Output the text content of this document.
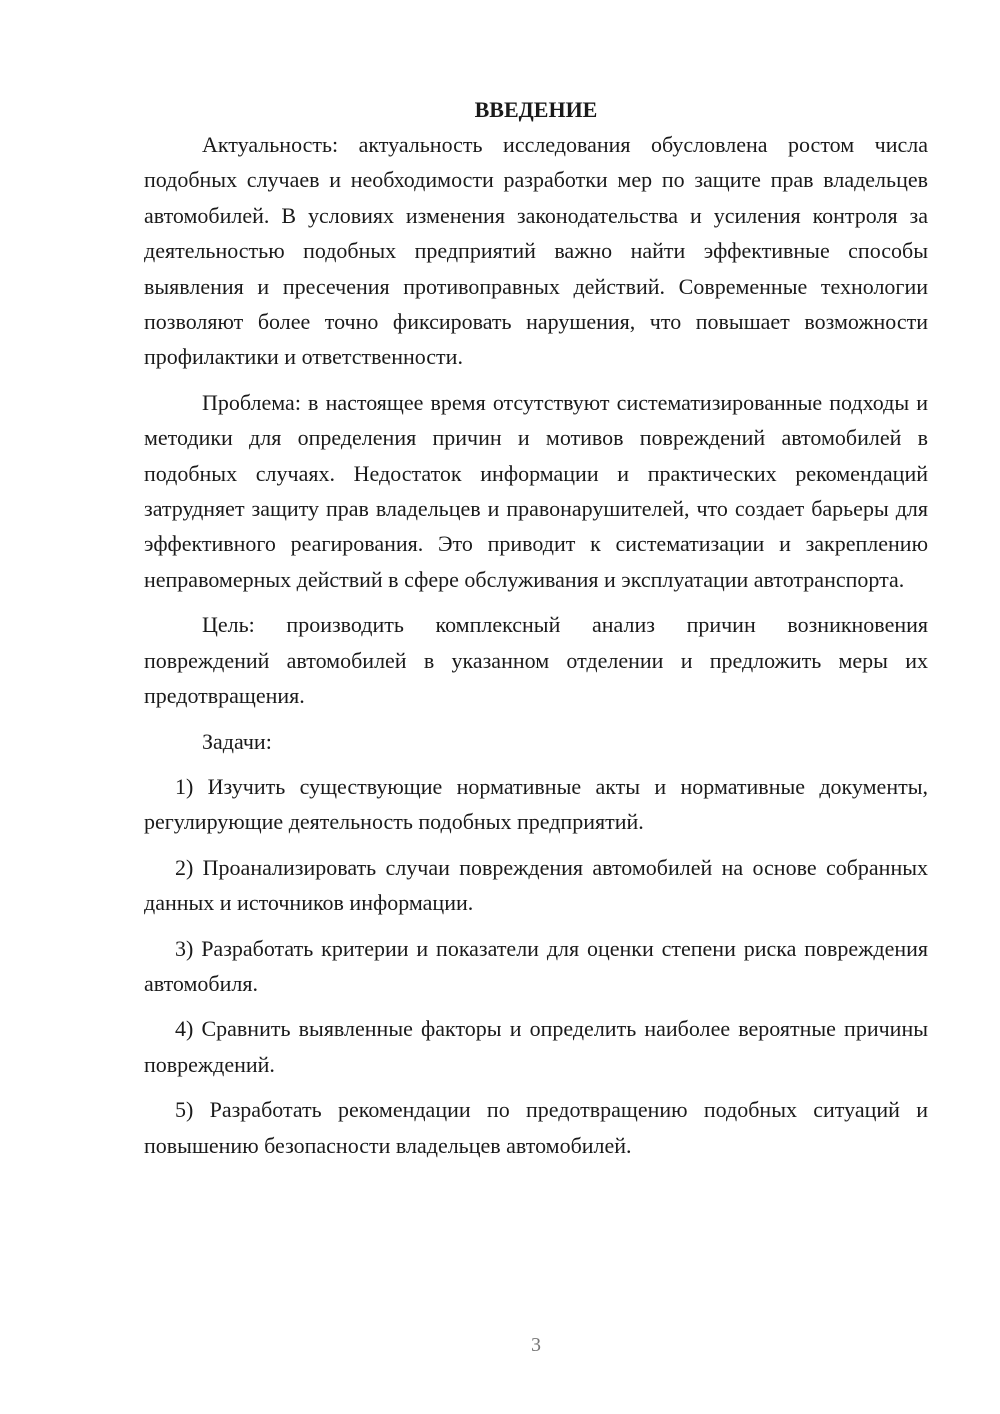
ВВЕДЕНИЕ

Актуальность: актуальность исследования обусловлена ростом числа подобных случаев и необходимости разработки мер по защите прав владельцев автомобилей. В условиях изменения законодательства и усиления контроля за деятельностью подобных предприятий важно найти эффективные способы выявления и пресечения противоправных действий. Современные технологии позволяют более точно фиксировать нарушения, что повышает возможности профилактики и ответственности.

Проблема: в настоящее время отсутствуют систематизированные подходы и методики для определения причин и мотивов повреждений автомобилей в подобных случаях. Недостаток информации и практических рекомендаций затрудняет защиту прав владельцев и правонарушителей, что создает барьеры для эффективного реагирования. Это приводит к систематизации и закреплению неправомерных действий в сфере обслуживания и эксплуатации автотранспорта.

Цель: производить комплексный анализ причин возникновения повреждений автомобилей в указанном отделении и предложить меры их предотвращения.

Задачи:

1) Изучить существующие нормативные акты и нормативные документы, регулирующие деятельность подобных предприятий.

2) Проанализировать случаи повреждения автомобилей на основе собранных данных и источников информации.

3) Разработать критерии и показатели для оценки степени риска повреждения автомобиля.

4) Сравнить выявленные факторы и определить наиболее вероятные причины повреждений.

5) Разработать рекомендации по предотвращению подобных ситуаций и повышению безопасности владельцев автомобилей.

3
